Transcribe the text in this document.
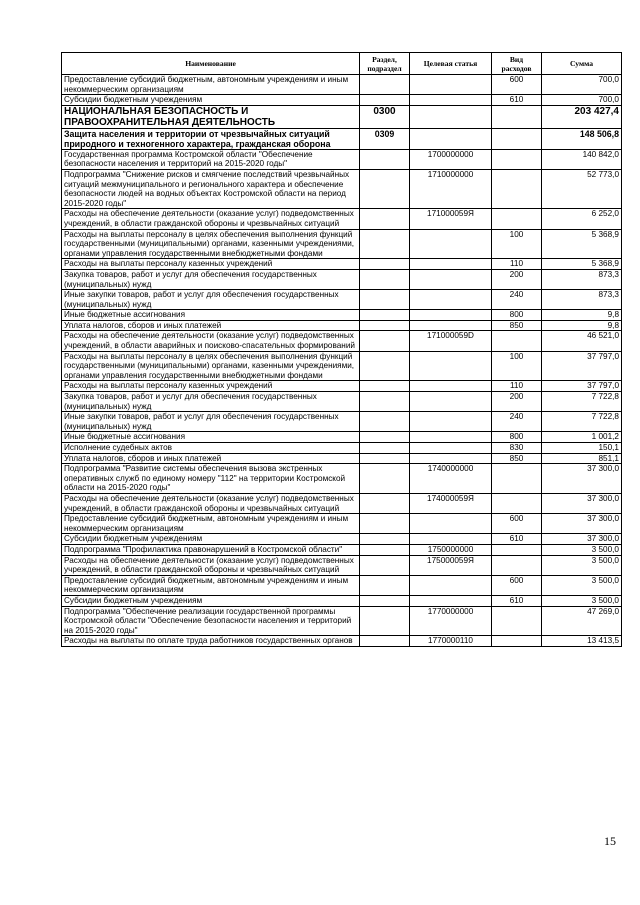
Наименование	Раздел, подраздел	Целевая статья	Вид расходов	Сумма
Предоставление субсидий бюджетным, автономным учреждениям и иным некоммерческим организациям			600	700,0
Субсидии бюджетным учреждениям			610	700,0
НАЦИОНАЛЬНАЯ БЕЗОПАСНОСТЬ И ПРАВООХРАНИТЕЛЬНАЯ ДЕЯТЕЛЬНОСТЬ	0300			203 427,4
Защита населения и территории от чрезвычайных ситуаций природного и техногенного характера, гражданская оборона	0309			148 506,8
Государственная программа Костромской области "Обеспечение безопасности населения и территорий на 2015-2020 годы"		1700000000		140 842,0
Подпрограмма "Снижение рисков и смягчение последствий чрезвычайных ситуаций межмуниципального и регионального характера и обеспечение безопасности людей на водных объектах Костромской области на период 2015-2020 годы"		1710000000		52 773,0
Расходы на обеспечение деятельности (оказание услуг) подведомственных учреждений, в области гражданской обороны и чрезвычайных ситуаций		171000059Я		6 252,0
Расходы на выплаты персоналу в целях обеспечения выполнения функций государственными (муниципальными) органами, казенными учреждениями, органами управления государственными внебюджетными фондами			100	5 368,9
Расходы на выплаты персоналу казенных учреждений			110	5 368,9
Закупка товаров, работ и услуг для обеспечения государственных (муниципальных) нужд			200	873,3
Иные закупки товаров, работ и услуг для обеспечения государственных (муниципальных) нужд			240	873,3
Иные бюджетные ассигнования			800	9,8
Уплата налогов, сборов и иных платежей			850	9,8
Расходы на обеспечение деятельности (оказание услуг) подведомственных учреждений, в области аварийных и поисково-спасательных формирований		171000059D		46 521,0
Расходы на выплаты персоналу в целях обеспечения выполнения функций государственными (муниципальными) органами, казенными учреждениями, органами управления государственными внебюджетными фондами			100	37 797,0
Расходы на выплаты персоналу казенных учреждений			110	37 797,0
Закупка товаров, работ и услуг для обеспечения государственных (муниципальных) нужд			200	7 722,8
Иные закупки товаров, работ и услуг для обеспечения государственных (муниципальных) нужд			240	7 722,8
Иные бюджетные ассигнования			800	1 001,2
Исполнение судебных актов			830	150,1
Уплата налогов, сборов и иных платежей			850	851,1
Подпрограмма "Развитие системы обеспечения вызова экстренных оперативных служб по единому номеру "112" на территории Костромской области на 2015-2020 годы"		1740000000		37 300,0
Расходы на обеспечение деятельности (оказание услуг) подведомственных учреждений, в области гражданской обороны и чрезвычайных ситуаций		174000059Я		37 300,0
Предоставление субсидий бюджетным, автономным учреждениям и иным некоммерческим организациям			600	37 300,0
Субсидии бюджетным учреждениям			610	37 300,0
Подпрограмма "Профилактика правонарушений в Костромской области"		1750000000		3 500,0
Расходы на обеспечение деятельности (оказание услуг) подведомственных учреждений, в области гражданской обороны и чрезвычайных ситуаций		175000059Я		3 500,0
Предоставление субсидий бюджетным, автономным учреждениям и иным некоммерческим организациям			600	3 500,0
Субсидии бюджетным учреждениям			610	3 500,0
Подпрограмма "Обеспечение реализации государственной программы Костромской области "Обеспечение безопасности населения и территорий на 2015-2020 годы"		1770000000		47 269,0
Расходы на выплаты по оплате труда работников государственных органов		1770000110		13 413,5
15
